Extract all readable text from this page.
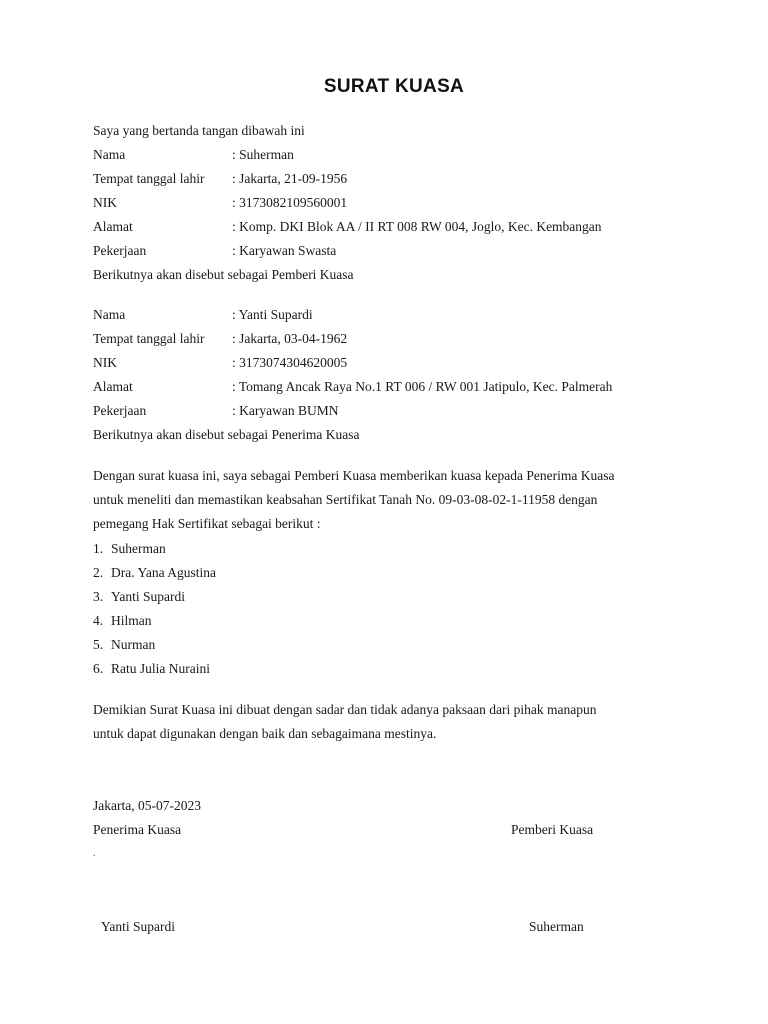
SURAT KUASA
Saya yang bertanda tangan dibawah ini
Nama	: Suherman
Tempat tanggal lahir : Jakarta, 21-09-1956
NIK	: 3173082109560001
Alamat	: Komp. DKI Blok AA / II RT 008 RW 004, Joglo, Kec. Kembangan
Pekerjaan	: Karyawan Swasta
Berikutnya akan disebut sebagai Pemberi Kuasa
Nama	: Yanti Supardi
Tempat tanggal lahir : Jakarta, 03-04-1962
NIK	: 3173074304620005
Alamat	: Tomang Ancak Raya No.1 RT 006 / RW 001 Jatipulo, Kec. Palmerah
Pekerjaan	: Karyawan BUMN
Berikutnya akan disebut sebagai Penerima Kuasa
Dengan surat kuasa ini, saya sebagai Pemberi Kuasa memberikan kuasa kepada Penerima Kuasa
untuk meneliti dan memastikan keabsahan Sertifikat Tanah No. 09-03-08-02-1-11958 dengan
pemegang Hak Sertifikat sebagai berikut :
1. Suherman
2. Dra. Yana Agustina
3. Yanti Supardi
4. Hilman
5. Nurman
6. Ratu Julia Nuraini
Demikian Surat Kuasa ini dibuat dengan sadar dan tidak adanya paksaan dari pihak manapun
untuk dapat digunakan dengan baik dan sebagaimana mestinya.
Jakarta, 05-07-2023
Penerima Kuasa	Pemberi Kuasa
.
Yanti Supardi	Suherman
